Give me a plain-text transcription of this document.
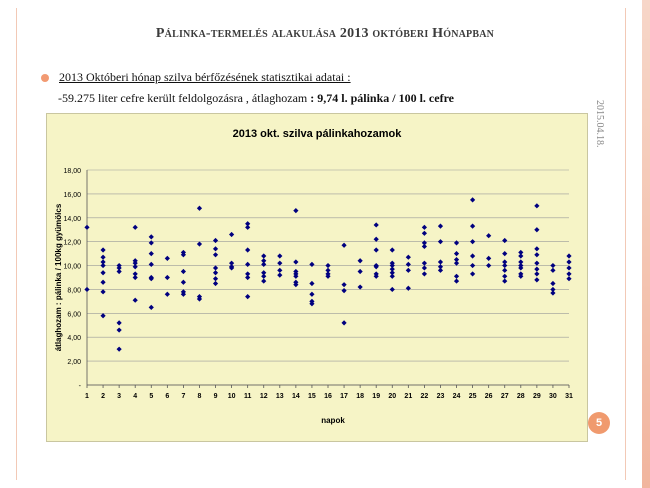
Pálinka-termelés alakulása 2013 októberi Hónapban
2013 Októberi hónap szilva bérfőzésének statisztikai adatai :
-59.275 liter cefre került feldolgozásra , átlaghozam : 9,74 l. pálinka / 100 l. cefre
2015.04.18.
2013 okt. szilva pálinkahozamok
-
2,00
4,00
6,00
8,00
10,00
12,00
14,00
16,00
18,00
1 2 3 4 5 6 7 8 9 10 11 12 13 14 15 16 17 18 19 20 21 22 23 24 25 26 27 28 29 30 31
átlaghozam : pálinka / 100kg gyümölcs
napok	5
